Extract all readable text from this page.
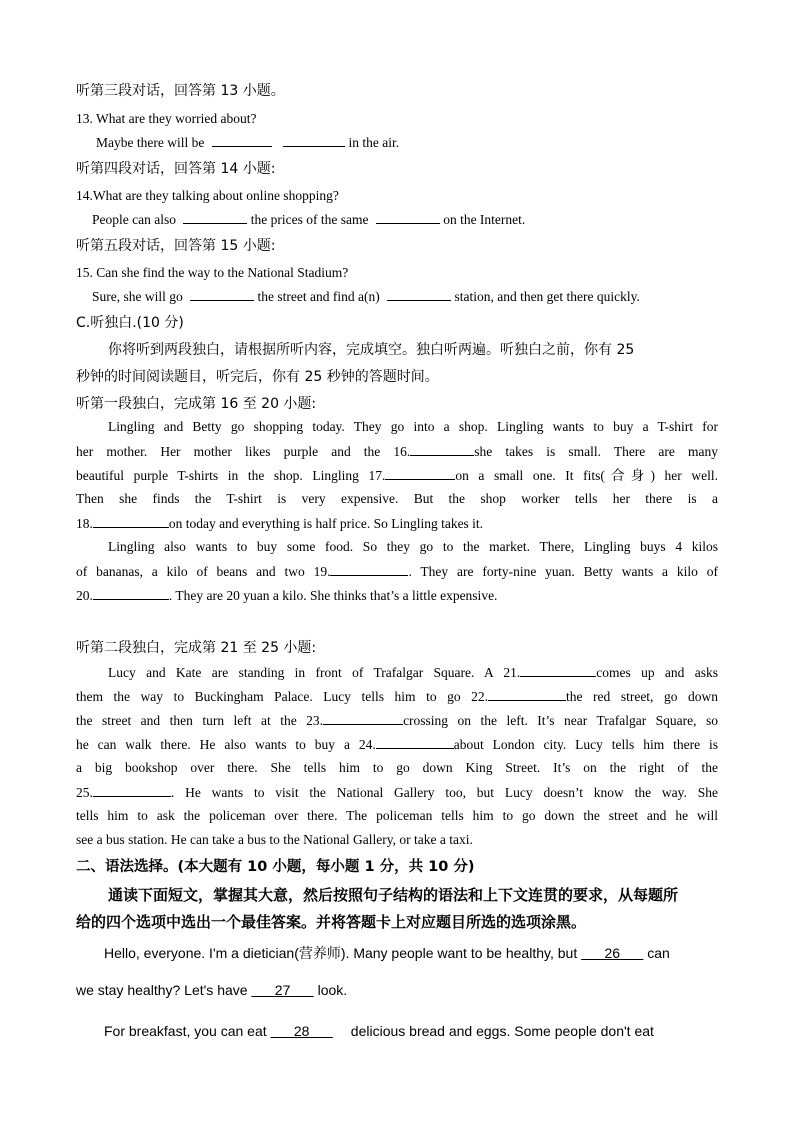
听第三段对话，回答第 13 小题。
13. What are they worried about?
Maybe there will be	in the air.
听第四段对话，回答第 14 小题:
14.What are they talking about online shopping?
People can also	the prices of the same	on the Internet.
听第五段对话，回答第 15 小题:
15. Can she find the way to the National Stadium?
Sure, she will go	the street and find a(n)	station, and then get there quickly.
C.听独白.(10 分)
你将听到两段独白，请根据所听内容，完成填空。独白听两遍。听独白之前，你有 25
秒钟的时间阅读题目，听完后，你有 25 秒钟的答题时间。
听第一段独白，完成第 16 至 20 小题:
Lingling and Betty go shopping today. They go into a shop. Lingling wants to buy a T-shirt for
her mother. Her mother likes purple and the 16.	she takes is small. There are many
beautiful purple T-shirts in the shop. Lingling 17.	on a small one. It fits(合身) her well.
Then she finds the T-shirt is very expensive. But the shop worker tells her there is a
18.	on today and everything is half price. So Lingling takes it.
Lingling also wants to buy some food. So they go to the market. There, Lingling buys 4 kilos
of bananas, a kilo of beans and two 19.	. They are forty-nine yuan. Betty wants a kilo of
20.	. They are 20 yuan a kilo. She thinks that’s a little expensive.
听第二段独白，完成第 21 至 25 小题:
Lucy and Kate are standing in front of Trafalgar Square. A 21.	comes up and asks
them the way to Buckingham Palace. Lucy tells him to go 22.	the red street, go down
the street and then turn left at the 23.	crossing on the left. It’s near Trafalgar Square, so
he can walk there. He also wants to buy a 24.	about London city. Lucy tells him there is
a big bookshop over there. She tells him to go down King Street. It’s on the right of the
25.	. He wants to visit the National Gallery too, but Lucy doesn’t know the way. She
tells him to ask the policeman over there. The policeman tells him to go down the street and he will
see a bus station. He can take a bus to the National Gallery, or take a taxi.
二、语法选择。(本大题有 10 小题，每小题 1 分，共 10 分)
通读下面短文，掌握其大意，然后按照句子结构的语法和上下文连贯的要求，从每题所
给的四个选项中选出一个最佳答案。并将答题卡上对应题目所选的选项涂黑。
Hello, everyone. I'm a dietician(营养师). Many people want to be healthy, but       26       can
we stay healthy? Let's have       27       look.
For breakfast, you can eat       28	delicious bread and eggs. Some people don't eat
